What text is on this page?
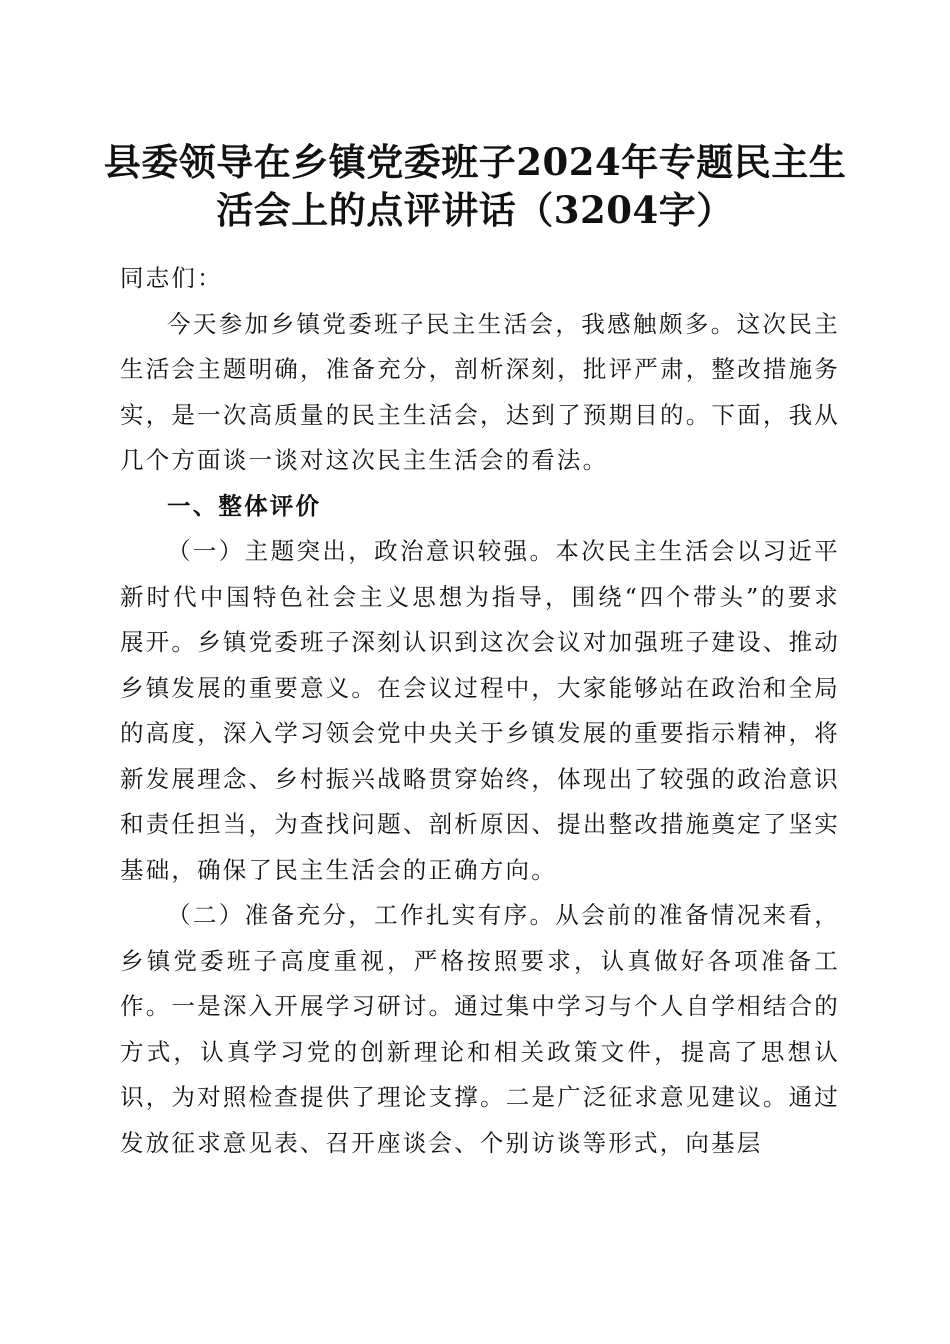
县委领导在乡镇党委班子2024年专题民主生
活会上的点评讲话（3204字）

同志们：

今天参加乡镇党委班子民主生活会，我感触颇多。这次民主生活会主题明确，准备充分，剖析深刻，批评严肃，整改措施务实，是一次高质量的民主生活会，达到了预期目的。下面，我从几个方面谈一谈对这次民主生活会的看法。

一、整体评价

（一）主题突出，政治意识较强。本次民主生活会以习近平新时代中国特色社会主义思想为指导，围绕“四个带头”的要求展开。乡镇党委班子深刻认识到这次会议对加强班子建设、推动乡镇发展的重要意义。在会议过程中，大家能够站在政治和全局的高度，深入学习领会党中央关于乡镇发展的重要指示精神，将新发展理念、乡村振兴战略贯穿始终，体现出了较强的政治意识和责任担当，为查找问题、剖析原因、提出整改措施奠定了坚实基础，确保了民主生活会的正确方向。

（二）准备充分，工作扎实有序。从会前的准备情况来看，乡镇党委班子高度重视，严格按照要求，认真做好各项准备工作。一是深入开展学习研讨。通过集中学习与个人自学相结合的方式，认真学习党的创新理论和相关政策文件，提高了思想认识，为对照检查提供了理论支撑。二是广泛征求意见建议。通过发放征求意见表、召开座谈会、个别访谈等形式，向基层
